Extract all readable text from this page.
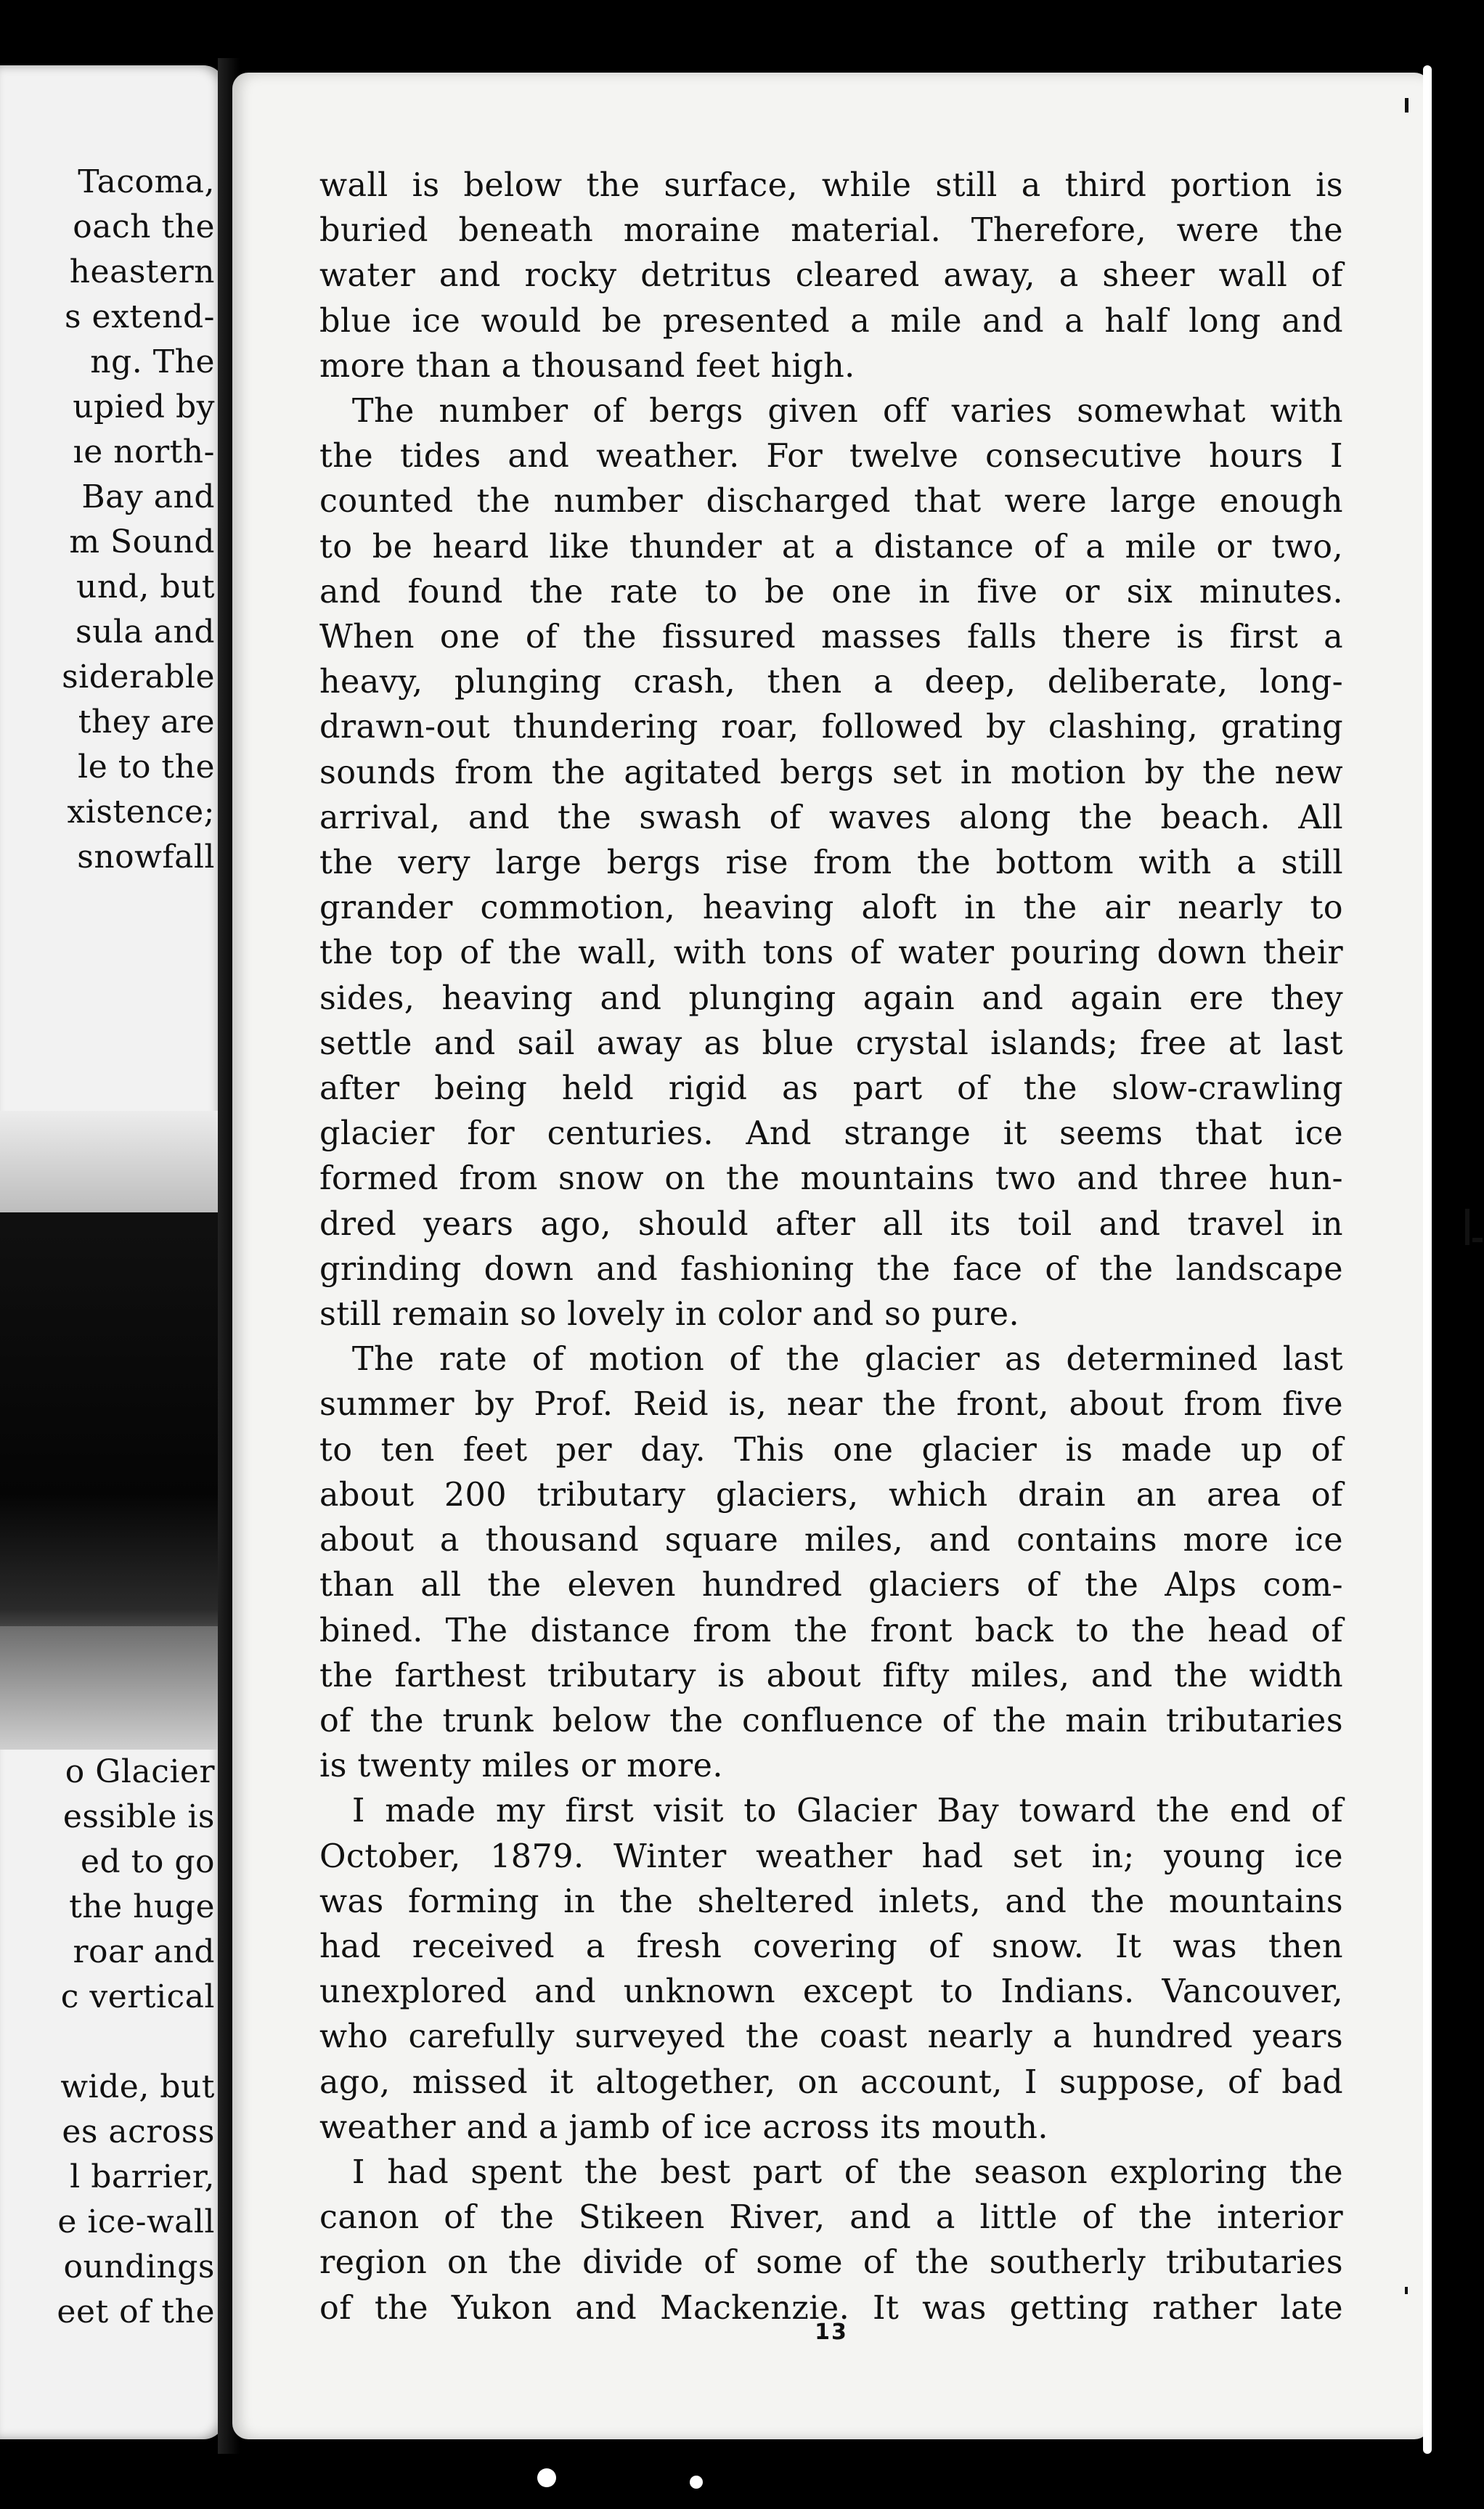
Tacoma,
oach the
heastern
s extend-
ng. The
upied by
ıe north-
Bay and
m Sound
und, but
sula and
siderable
they are
le to the
xistence;
snowfall
o Glacier
essible is
ed to go
the huge
roar and
c vertical

wide, but
es across
l barrier,
e ice-wall
oundings
eet of the
wall is below the surface, while still a third portion is
buried beneath moraine material. Therefore, were the
water and rocky detritus cleared away, a sheer wall of
blue ice would be presented a mile and a half long and
more than a thousand feet high.
 The number of bergs given off varies somewhat with
the tides and weather. For twelve consecutive hours I
counted the number discharged that were large enough
to be heard like thunder at a distance of a mile or two,
and found the rate to be one in five or six minutes.
When one of the fissured masses falls there is first a
heavy, plunging crash, then a deep, deliberate, long-
drawn-out thundering roar, followed by clashing, grating
sounds from the agitated bergs set in motion by the new
arrival, and the swash of waves along the beach. All
the very large bergs rise from the bottom with a still
grander commotion, heaving aloft in the air nearly to
the top of the wall, with tons of water pouring down their
sides, heaving and plunging again and again ere they
settle and sail away as blue crystal islands; free at last
after being held rigid as part of the slow-crawling
glacier for centuries. And strange it seems that ice
formed from snow on the mountains two and three hun-
dred years ago, should after all its toil and travel in
grinding down and fashioning the face of the landscape
still remain so lovely in color and so pure.
 The rate of motion of the glacier as determined last
summer by Prof. Reid is, near the front, about from five
to ten feet per day. This one glacier is made up of
about 200 tributary glaciers, which drain an area of
about a thousand square miles, and contains more ice
than all the eleven hundred glaciers of the Alps com-
bined. The distance from the front back to the head of
the farthest tributary is about fifty miles, and the width
of the trunk below the confluence of the main tributaries
is twenty miles or more.
 I made my first visit to Glacier Bay toward the end of
October, 1879. Winter weather had set in; young ice
was forming in the sheltered inlets, and the mountains
had received a fresh covering of snow. It was then
unexplored and unknown except to Indians. Vancouver,
who carefully surveyed the coast nearly a hundred years
ago, missed it altogether, on account, I suppose, of bad
weather and a jamb of ice across its mouth.
 I had spent the best part of the season exploring the
canon of the Stikeen River, and a little of the interior
region on the divide of some of the southerly tributaries
of the Yukon and Mackenzie. It was getting rather late
13
